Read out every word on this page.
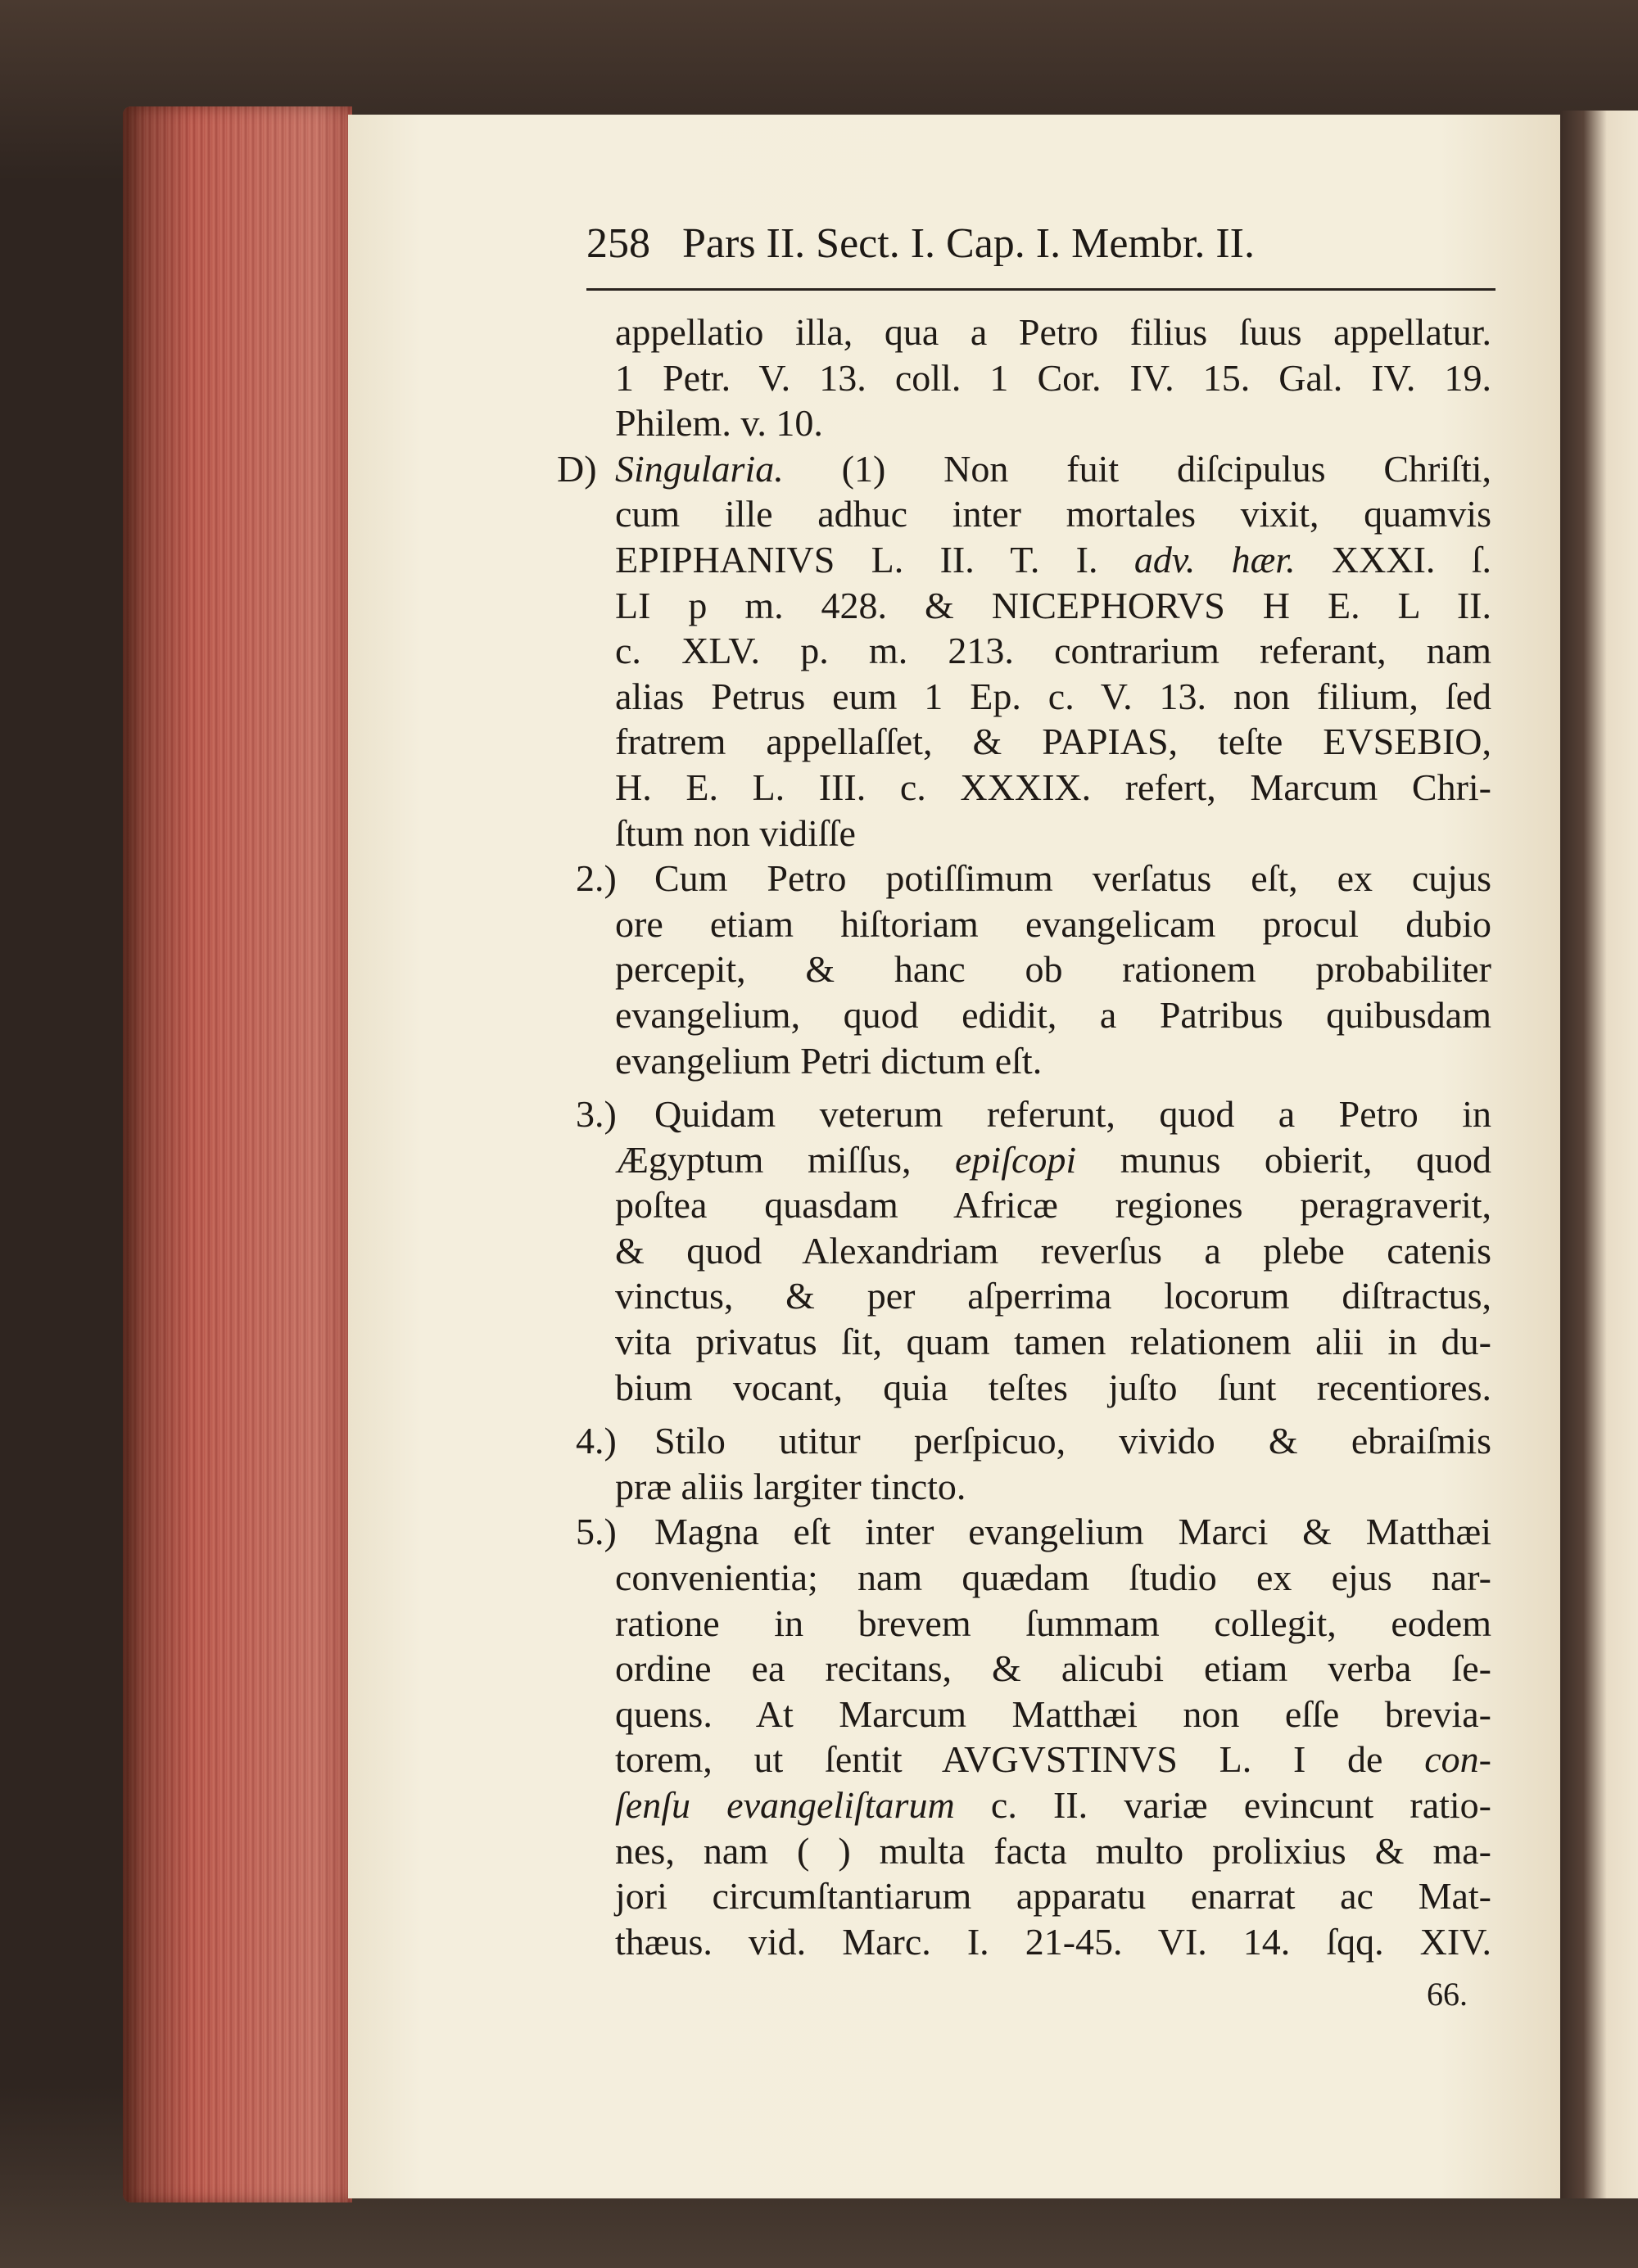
258 Pars II. Sect. I. Cap. I. Membr. II.
appellatio illa, qua a Petro filius ſuus appellatur.
1 Petr. V. 13. coll. 1 Cor. IV. 15. Gal. IV. 19.
Philem. v. 10.
D) Singularia. (1) Non fuit diſcipulus Chriſti,
cum ille adhuc inter mortales vixit, quamvis
EPIPHANIVS L. II. T. I. adv. hær. XXXI. ſ.
LI p m. 428. & NICEPHORVS H E. L II.
c. XLV. p. m. 213. contrarium referant, nam
alias Petrus eum 1 Ep. c. V. 13. non filium, ſed
fratrem appellaſſet, & PAPIAS, teſte EVSEBIO,
H. E. L. III. c. XXXIX. refert, Marcum Chri-
ſtum non vidiſſe
2.) Cum Petro potiſſimum verſatus eſt, ex cujus
ore etiam hiſtoriam evangelicam procul dubio
percepit, & hanc ob rationem probabiliter
evangelium, quod edidit, a Patribus quibusdam
evangelium Petri dictum eſt.
3.) Quidam veterum referunt, quod a Petro in
Ægyptum miſſus, epiſcopi munus obierit, quod
poſtea quasdam Africæ regiones peragraverit,
& quod Alexandriam reverſus a plebe catenis
vinctus, & per aſperrima locorum diſtractus,
vita privatus ſit, quam tamen relationem alii in du-
bium vocant, quia teſtes juſto ſunt recentiores.
4.) Stilo utitur perſpicuo, vivido & ebraiſmis
præ aliis largiter tincto.
5.) Magna eſt inter evangelium Marci & Matthæi
convenientia; nam quædam ſtudio ex ejus nar-
ratione in brevem ſummam collegit, eodem
ordine ea recitans, & alicubi etiam verba ſe-
quens. At Marcum Matthæi non eſſe brevia-
torem, ut ſentit AVGVSTINVS L. I de con-
ſenſu evangeliſtarum c. II. variæ evincunt ratio-
nes, nam ( ) multa facta multo prolixius & ma-
jori circumſtantiarum apparatu enarrat ac Mat-
thæus. vid. Marc. I. 21-45. VI. 14. ſqq. XIV.
66.
